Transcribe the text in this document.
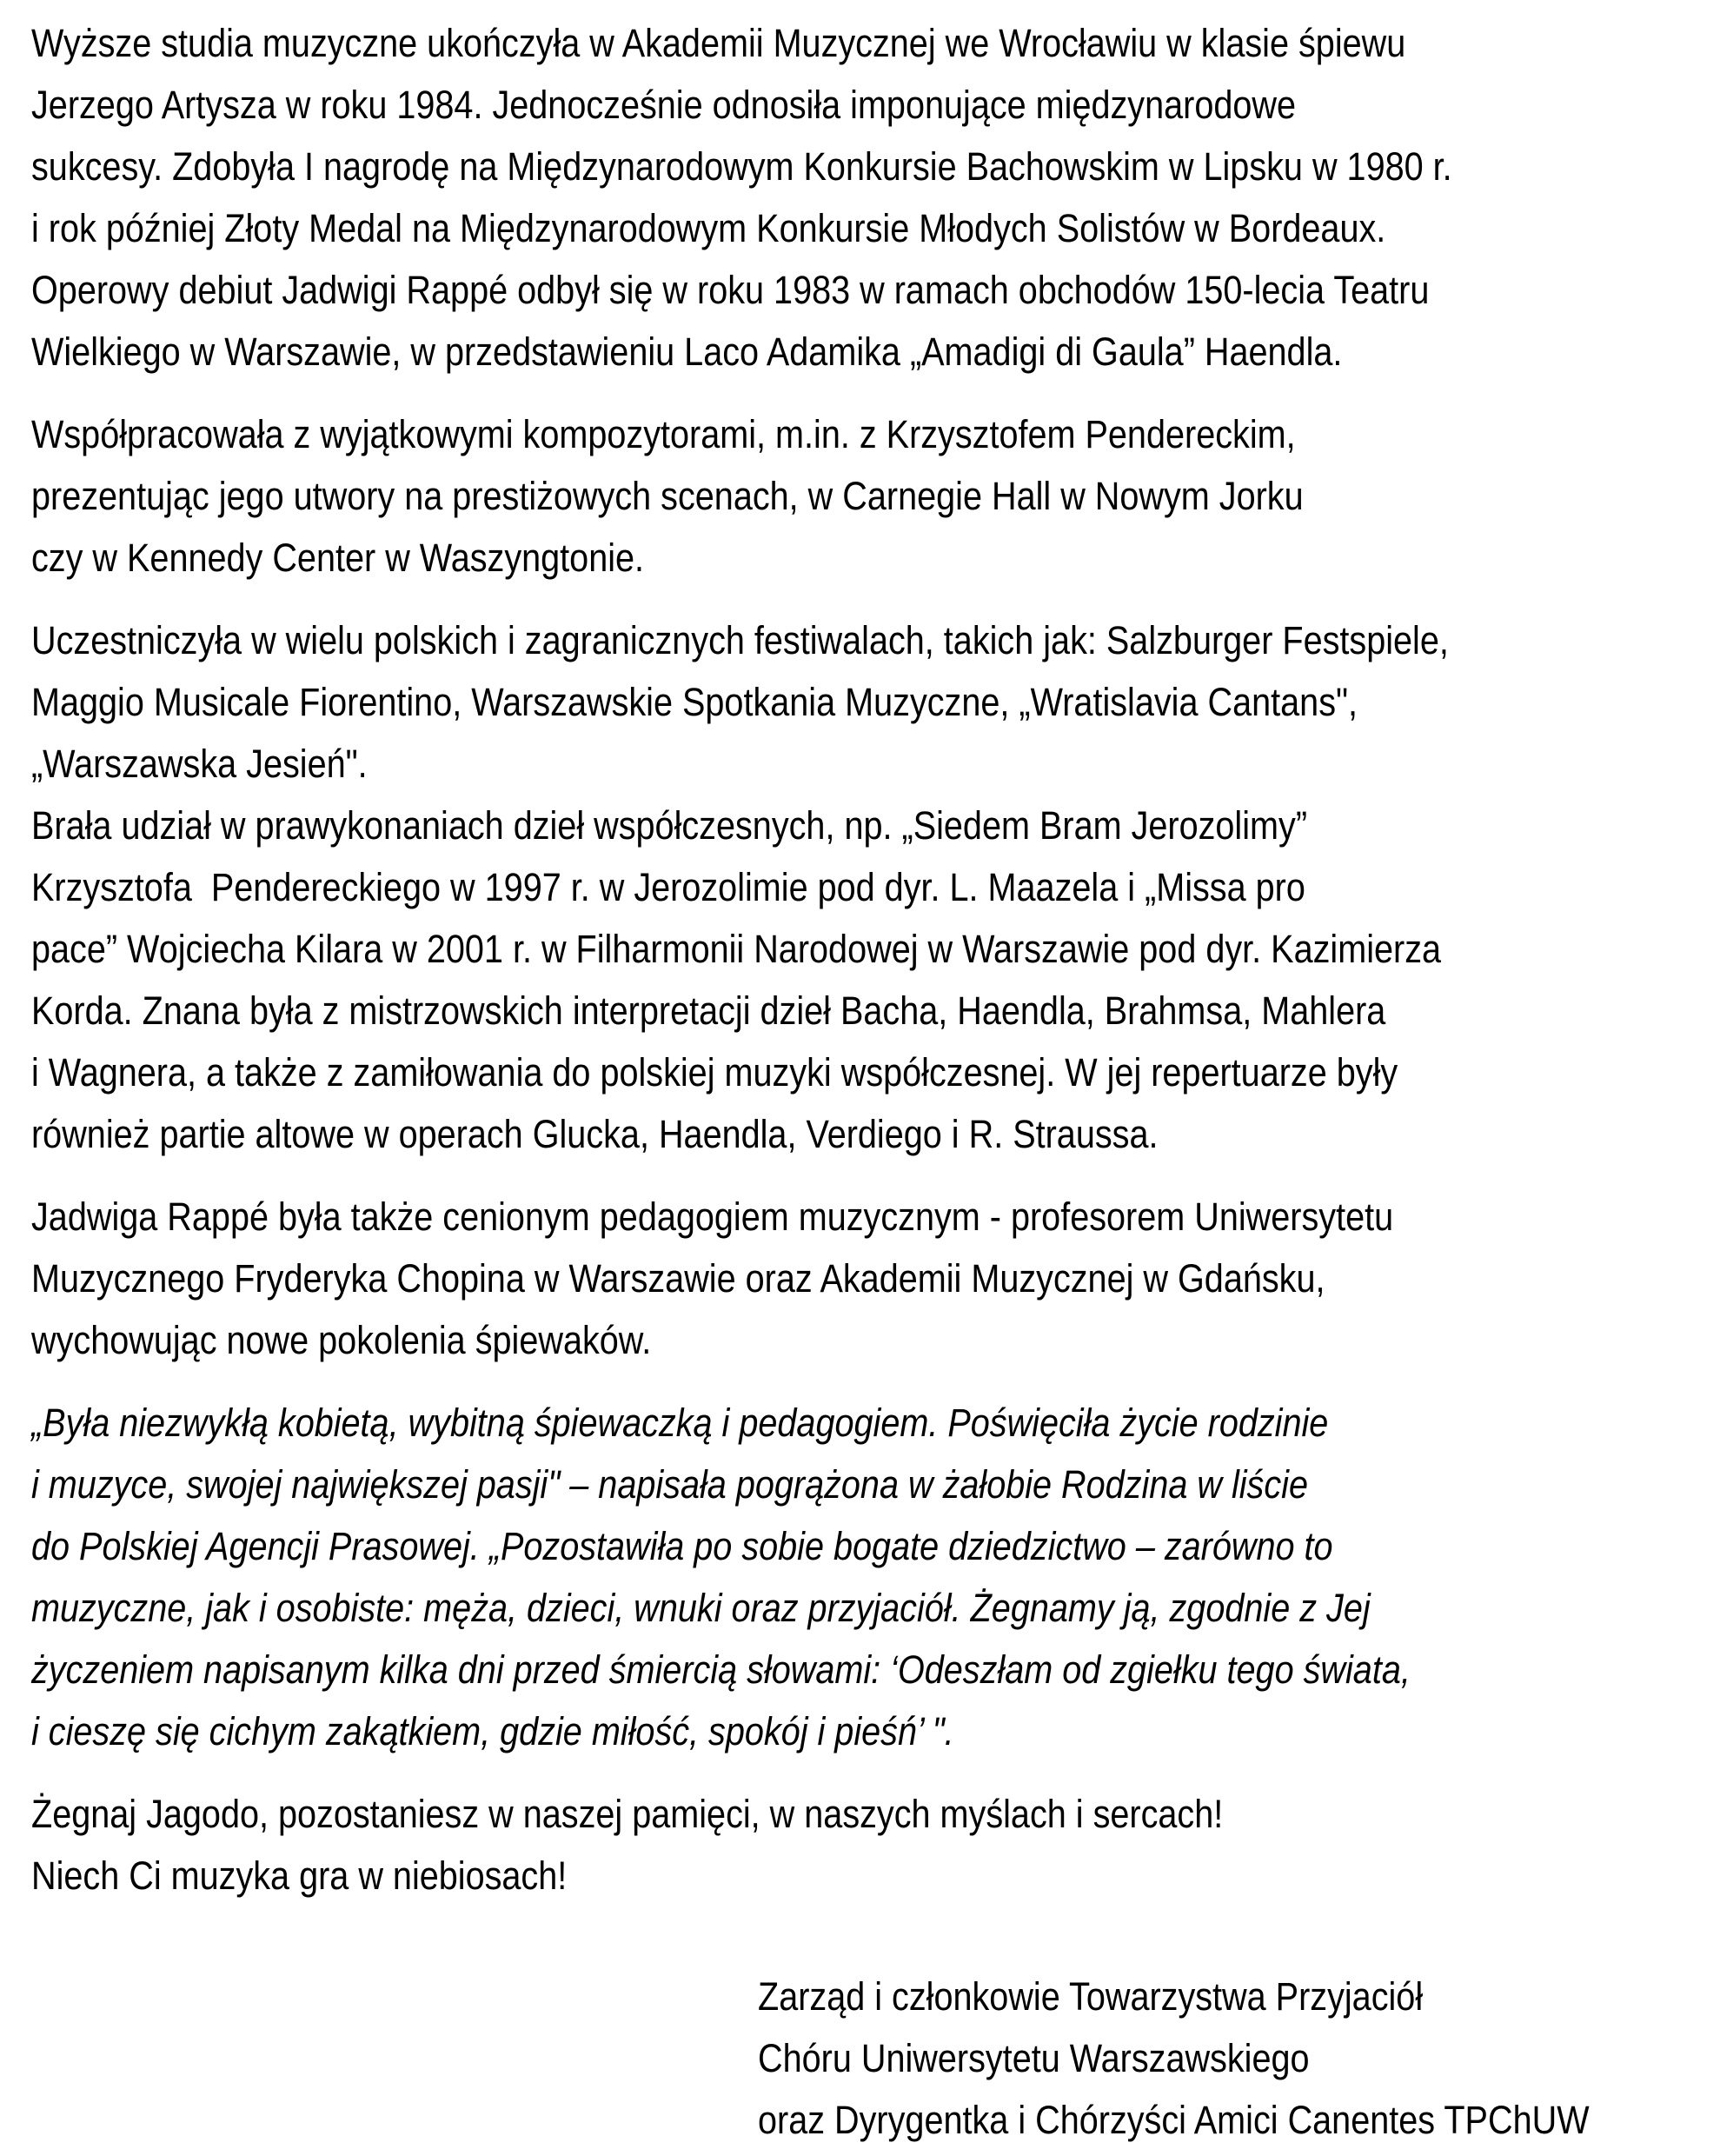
Wyższe studia muzyczne ukończyła w Akademii Muzycznej we Wrocławiu w klasie śpiewu
Jerzego Artysza w roku 1984. Jednocześnie odnosiła imponujące międzynarodowe
sukcesy. Zdobyła I nagrodę na Międzynarodowym Konkursie Bachowskim w Lipsku w 1980 r.
i rok później Złoty Medal na Międzynarodowym Konkursie Młodych Solistów w Bordeaux.
Operowy debiut Jadwigi Rappé odbył się w roku 1983 w ramach obchodów 150-lecia Teatru
Wielkiego w Warszawie, w przedstawieniu Laco Adamika „Amadigi di Gaula” Haendla.

Współpracowała z wyjątkowymi kompozytorami, m.in. z Krzysztofem Pendereckim,
prezentując jego utwory na prestiżowych scenach, w Carnegie Hall w Nowym Jorku
czy w Kennedy Center w Waszyngtonie.

Uczestniczyła w wielu polskich i zagranicznych festiwalach, takich jak: Salzburger Festspiele,
Maggio Musicale Fiorentino, Warszawskie Spotkania Muzyczne, „Wratislavia Cantans",
„Warszawska Jesień".
Brała udział w prawykonaniach dzieł współczesnych, np. „Siedem Bram Jerozolimy”
Krzysztofa  Pendereckiego w 1997 r. w Jerozolimie pod dyr. L. Maazela i „Missa pro
pace” Wojciecha Kilara w 2001 r. w Filharmonii Narodowej w Warszawie pod dyr. Kazimierza
Korda. Znana była z mistrzowskich interpretacji dzieł Bacha, Haendla, Brahmsa, Mahlera
i Wagnera, a także z zamiłowania do polskiej muzyki współczesnej. W jej repertuarze były
również partie altowe w operach Glucka, Haendla, Verdiego i R. Straussa.

Jadwiga Rappé była także cenionym pedagogiem muzycznym - profesorem Uniwersytetu
Muzycznego Fryderyka Chopina w Warszawie oraz Akademii Muzycznej w Gdańsku,
wychowując nowe pokolenia śpiewaków.

„Była niezwykłą kobietą, wybitną śpiewaczką i pedagogiem. Poświęciła życie rodzinie
i muzyce, swojej największej pasji" – napisała pogrążona w żałobie Rodzina w liście
do Polskiej Agencji Prasowej. „Pozostawiła po sobie bogate dziedzictwo – zarówno to
muzyczne, jak i osobiste: męża, dzieci, wnuki oraz przyjaciół. Żegnamy ją, zgodnie z Jej
życzeniem napisanym kilka dni przed śmiercią słowami: ‘Odeszłam od zgiełku tego świata,
i cieszę się cichym zakątkiem, gdzie miłość, spokój i pieśń’ ".

Żegnaj Jagodo, pozostaniesz w naszej pamięci, w naszych myślach i sercach!
Niech Ci muzyka gra w niebiosach!

Zarząd i członkowie Towarzystwa Przyjaciół
Chóru Uniwersytetu Warszawskiego
oraz Dyrygentka i Chórzyści Amici Canentes TPChUW
